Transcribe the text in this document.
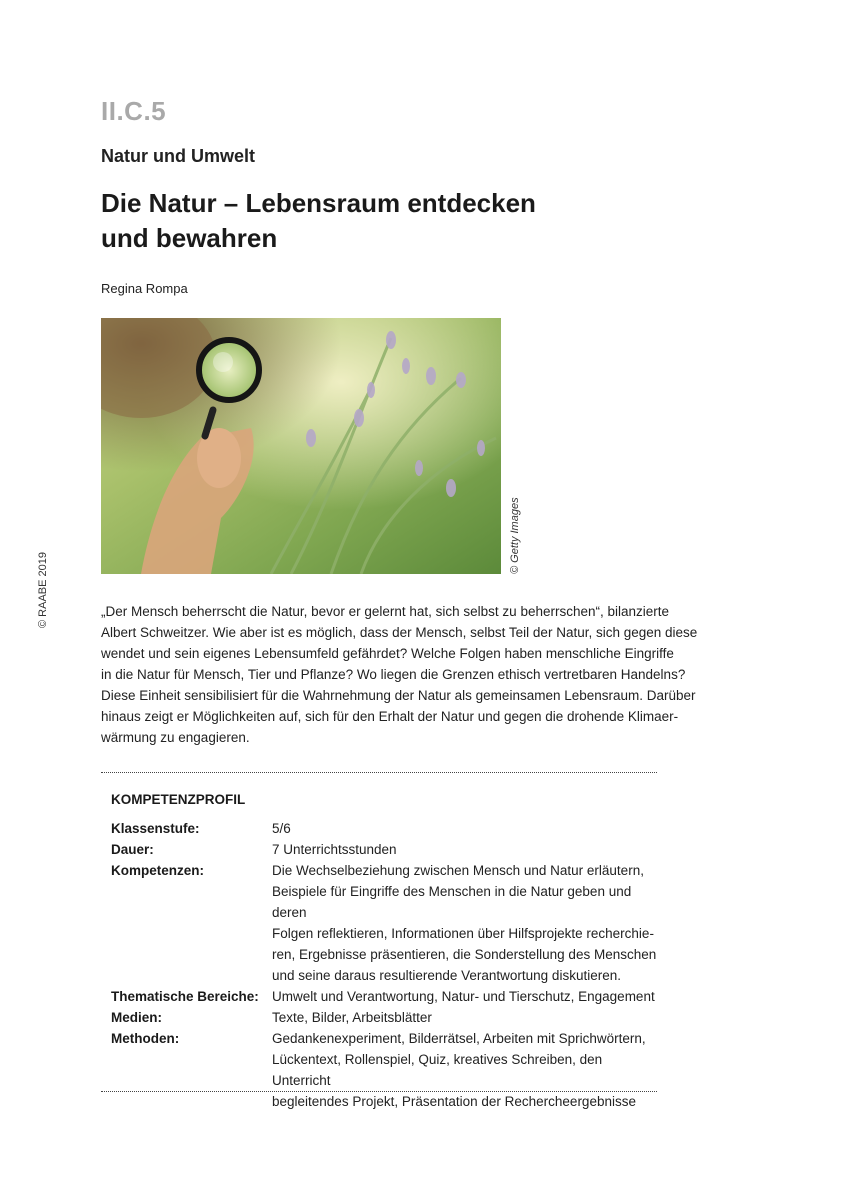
II.C.5
Natur und Umwelt
Die Natur – Lebensraum entdecken
und bewahren
Regina Rompa
© Getty Images
© RAABE 2019	„Der Mensch beherrscht die Natur, bevor er gelernt hat, sich selbst zu beherrschen“, bilanzierte
Albert Schweitzer. Wie aber ist es möglich, dass der Mensch, selbst Teil der Natur, sich gegen diese
wendet und sein eigenes Lebensumfeld gefährdet? Welche Folgen haben menschliche Eingriffe
in die Natur für Mensch, Tier und Pflanze? Wo liegen die Grenzen ethisch vertretbaren Handelns?
Diese Einheit sensibilisiert für die Wahrnehmung der Natur als gemeinsamen Lebensraum. Darüber
hinaus zeigt er Möglichkeiten auf, sich für den Erhalt der Natur und gegen die drohende Klimaer-
wärmung zu engagieren.
KOMPETENZPROFIL
Klassenstufe:	5/6
Dauer:	7 Unterrichtsstunden
Kompetenzen:	Die Wechselbeziehung zwischen Mensch und Natur erläutern,
Beispiele für Eingriffe des Menschen in die Natur geben und deren
Folgen reflektieren, Informationen über Hilfsprojekte recherchie-
ren, Ergebnisse präsentieren, die Sonderstellung des Menschen
und seine daraus resultierende Verantwortung diskutieren.
Thematische Bereiche: Umwelt und Verantwortung, Natur- und Tierschutz, Engagement
Medien:	Texte, Bilder, Arbeitsblätter
Methoden:	Gedankenexperiment, Bilderrätsel, Arbeiten mit Sprichwörtern,
Lückentext, Rollenspiel, Quiz, kreatives Schreiben, den Unterricht
begleitendes Projekt, Präsentation der Rechercheergebnisse
